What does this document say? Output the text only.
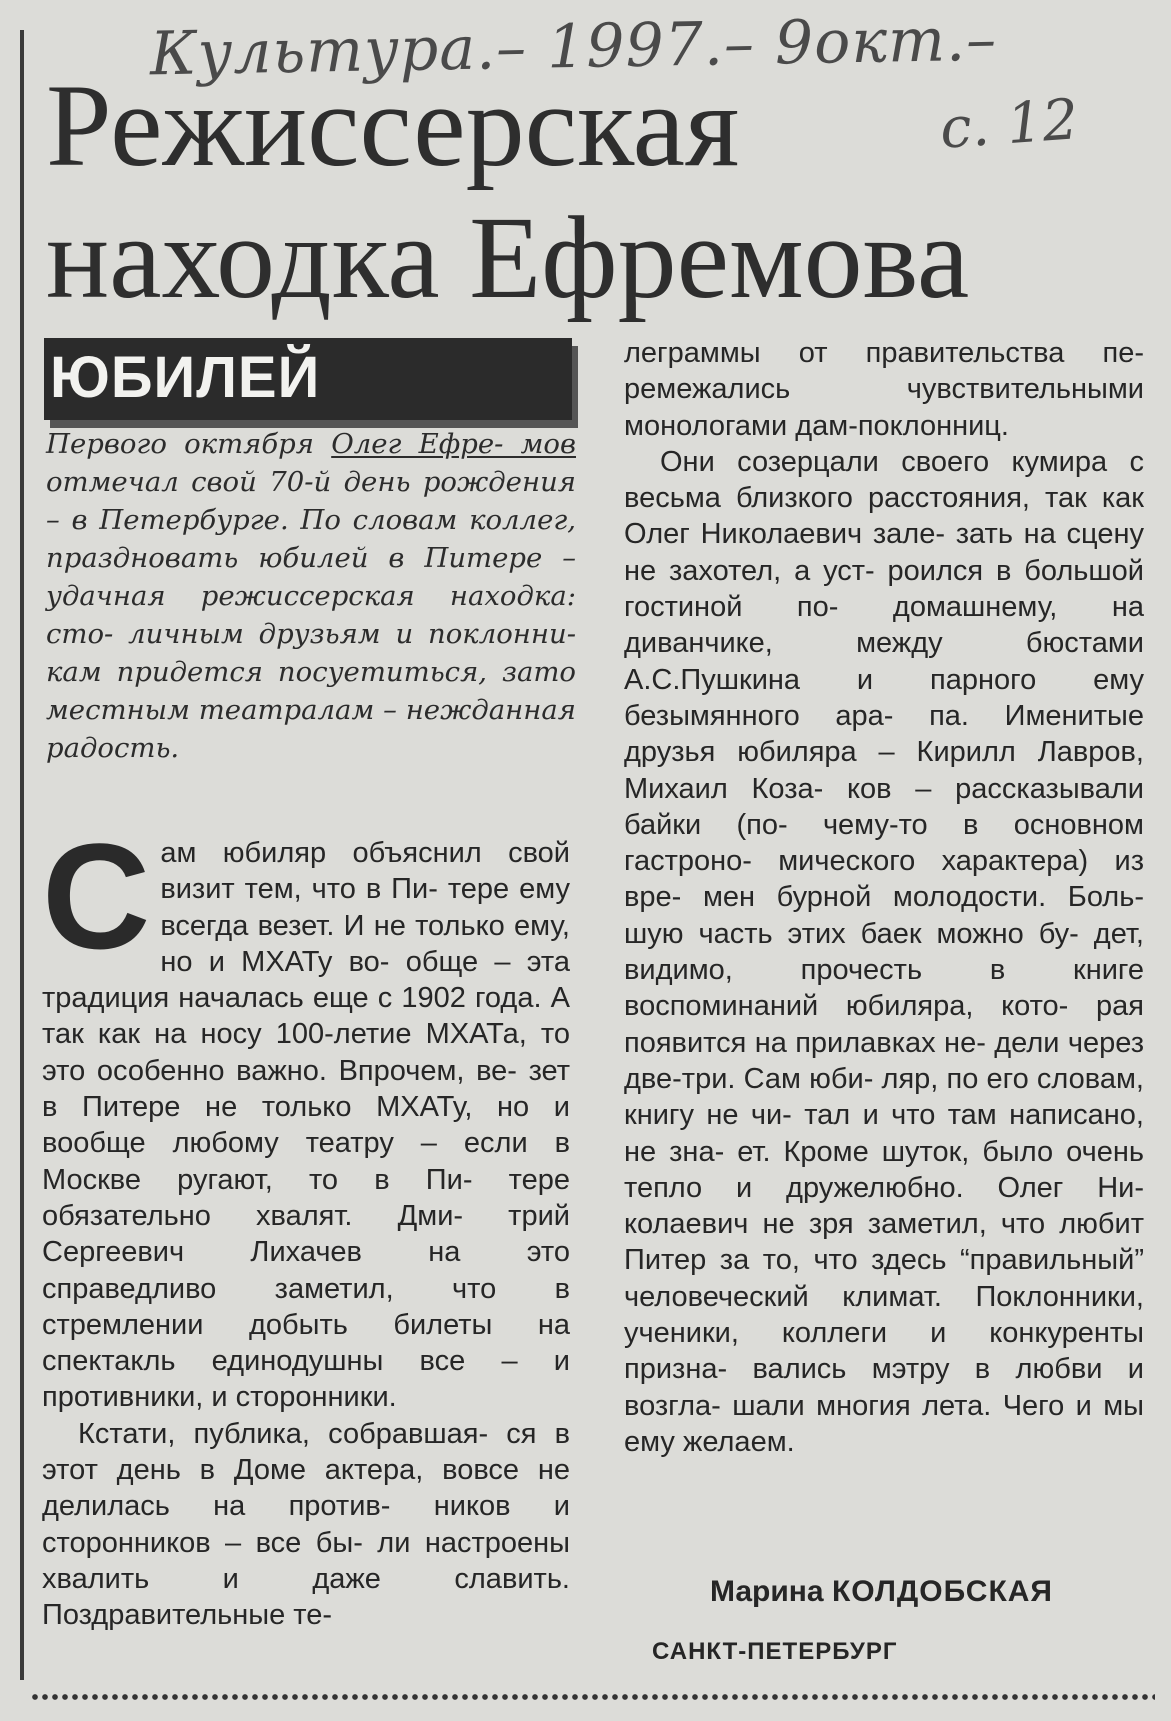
Культура.– 1997.– 9окт.–
с. 12
Режиссерская
находка Ефремова
ЮБИЛЕЙ
Первого октября Олег Ефре- мов отмечал свой 70-й день рождения – в Петербурге. По словам коллег, праздновать юбилей в Питере – удачная режиссерская находка: сто- личным друзьям и поклонни- кам придется посуетиться, зато местным театралам – нежданная радость.

Сам юбиляр объяснил свой визит тем, что в Пи- тере ему всегда везет. И не только ему, но и МХАТу во- обще – эта традиция началась еще с 1902 года. А так как на носу 100-летие МХАТа, то это особенно важно. Впрочем, ве- зет в Питере не только МХАТу, но и вообще любому театру – если в Москве ругают, то в Пи- тере обязательно хвалят. Дми- трий Сергеевич Лихачев на это справедливо заметил, что в стремлении добыть билеты на спектакль единодушны все – и противники, и сторонники.

Кстати, публика, собравшая- ся в этот день в Доме актера, вовсе не делилась на против- ников и сторонников – все бы- ли настроены хвалить и даже славить. Поздравительные те-

леграммы от правительства пе- ремежались чувствительными монологами дам-поклонниц.

Они созерцали своего кумира с весьма близкого расстояния, так как Олег Николаевич зале- зать на сцену не захотел, а уст- роился в большой гостиной по- домашнему, на диванчике, между бюстами А.С.Пушкина и парного ему безымянного ара- па. Именитые друзья юбиляра – Кирилл Лавров, Михаил Коза- ков – рассказывали байки (по- чему-то в основном гастроно- мического характера) из вре- мен бурной молодости. Боль- шую часть этих баек можно бу- дет, видимо, прочесть в книге воспоминаний юбиляра, кото- рая появится на прилавках не- дели через две-три. Сам юби- ляр, по его словам, книгу не чи- тал и что там написано, не зна- ет. Кроме шуток, было очень тепло и дружелюбно. Олег Ни- колаевич не зря заметил, что любит Питер за то, что здесь “правильный” человеческий климат. Поклонники, ученики, коллеги и конкуренты призна- вались мэтру в любви и возгла- шали многия лета. Чего и мы ему желаем.

Марина КОЛДОБСКАЯ
САНКТ-ПЕТЕРБУРГ
